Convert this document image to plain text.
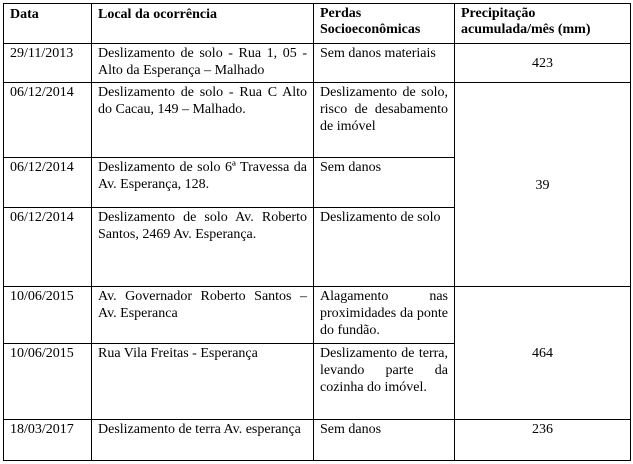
Data	Local da ocorrência	Perdas Socioeconômicas	Precipitação acumulada/mês (mm)
29/11/2013	Deslizamento de solo - Rua 1, 05 - Alto da Esperança – Malhado	Sem danos materiais	423
06/12/2014	Deslizamento de solo - Rua C Alto do Cacau, 149 – Malhado.	Deslizamento de solo, risco de desabamento de imóvel	39
06/12/2014	Deslizamento de solo 6ª Travessa da Av. Esperança, 128.	Sem danos	
06/12/2014	Deslizamento de solo Av. Roberto Santos, 2469 Av. Esperança.	Deslizamento de solo	
10/06/2015	Av. Governador Roberto Santos – Av. Esperanca	Alagamento nas proximidades da ponte do fundão.	464
10/06/2015	Rua Vila Freitas - Esperança	Deslizamento de terra, levando parte da cozinha do imóvel.	
18/03/2017	Deslizamento de terra Av. esperança	Sem danos	236
